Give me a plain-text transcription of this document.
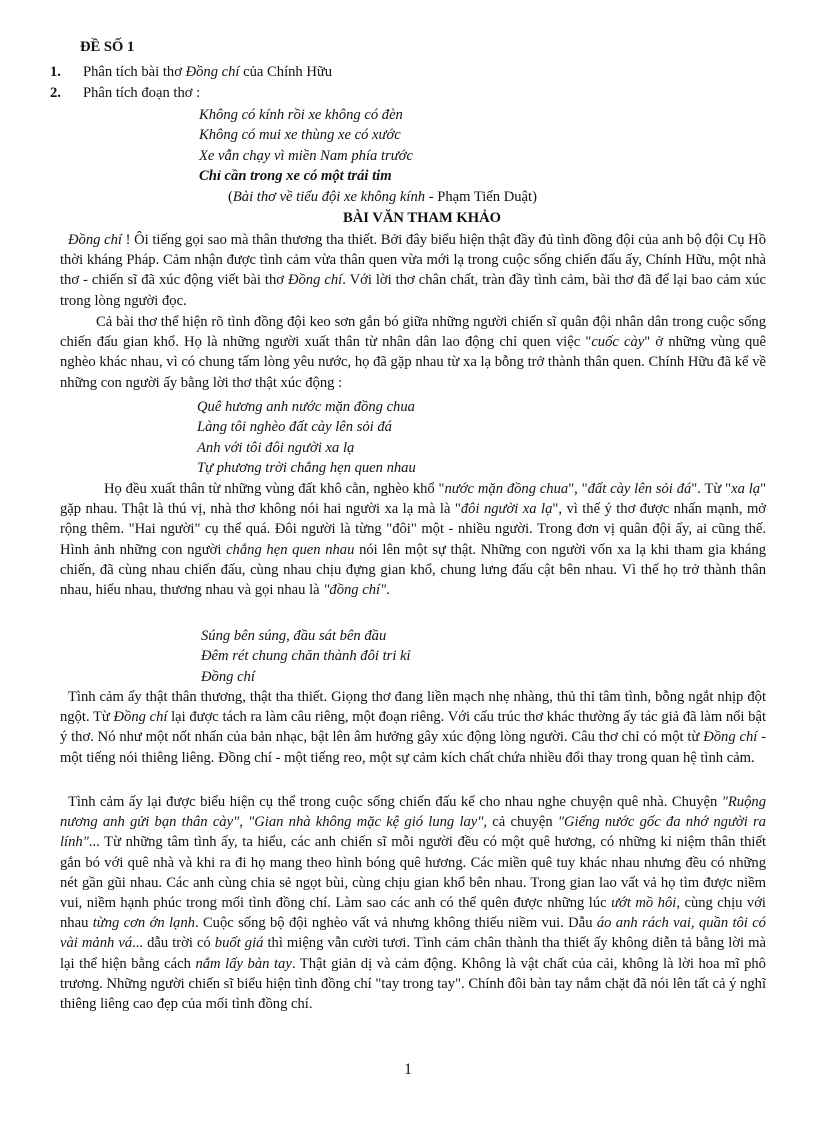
ĐỀ SỐ 1
1. Phân tích bài thơ Đồng chí của Chính Hữu
2. Phân tích đoạn thơ :
Không có kính rồi xe không có đèn
Không có mui xe thùng xe có xước
Xe vẫn chạy vì miền Nam phía trước
Chỉ cần trong xe có một trái tim
(Bài thơ về tiểu đội xe không kính - Phạm Tiến Duật)
BÀI VĂN THAM KHẢO

Đồng chí ! Ôi tiếng gọi sao mà thân thương tha thiết. Bởi đây biểu hiện thật đầy đủ tình đồng đội của anh bộ đội Cụ Hồ thời kháng Pháp. Cảm nhận được tình cảm vừa thân quen vừa mới lạ trong cuộc sống chiến đấu ấy, Chính Hữu, một nhà thơ - chiến sĩ đã xúc động viết bài thơ Đồng chí. Với lời thơ chân chất, tràn đầy tình cảm, bài thơ đã để lại bao cảm xúc trong lòng người đọc.

Cả bài thơ thể hiện rõ tình đồng đội keo sơn gắn bó giữa những người chiến sĩ quân đội nhân dân trong cuộc sống chiến đấu gian khổ. Họ là những người xuất thân từ nhân dân lao động chỉ quen việc "cuốc cày" ở những vùng quê nghèo khác nhau, vì có chung tấm lòng yêu nước, họ đã gặp nhau từ xa lạ bỗng trở thành thân quen. Chính Hữu đã kể về những con người ấy bằng lời thơ thật xúc động :

Quê hương anh nước mặn đồng chua
Làng tôi nghèo đất cày lên sỏi đá
Anh với tôi đôi người xa lạ
Tự phương trời chẳng hẹn quen nhau

Họ đều xuất thân từ những vùng đất khô cằn, nghèo khổ "nước mặn đồng chua", "đất cày lên sỏi đá". Từ "xa lạ" gặp nhau. Thật là thú vị, nhà thơ không nói hai người xa lạ mà là "đôi người xa lạ", vì thế ý thơ được nhấn mạnh, mở rộng thêm. "Hai người" cụ thể quá. Đôi người là từng "đôi" một - nhiều người. Trong đơn vị quân đội ấy, ai cũng thế. Hình ảnh những con người chẳng hẹn quen nhau nói lên một sự thật. Những con người vốn xa lạ khi tham gia kháng chiến, đã cùng nhau chiến đấu, cùng nhau chịu đựng gian khổ, chung lưng đấu cật bên nhau. Vì thế họ trở thành thân nhau, hiểu nhau, thương nhau và gọi nhau là "đồng chí".

Súng bên súng, đầu sát bên đầu
Đêm rét chung chăn thành đôi tri kỉ
Đồng chí

Tình cảm ấy thật thân thương, thật tha thiết. Giọng thơ đang liền mạch nhẹ nhàng, thủ thỉ tâm tình, bỗng ngắt nhịp đột ngột. Từ Đồng chí lại được tách ra làm câu riêng, một đoạn riêng. Với cấu trúc thơ khác thường ấy tác giả đã làm nổi bật ý thơ. Nó như một nốt nhấn của bản nhạc, bật lên âm hưởng gây xúc động lòng người. Câu thơ chỉ có một từ Đồng chí - một tiếng nói thiêng liêng. Đồng chí - một tiếng reo, một sự cảm kích chất chứa nhiều đổi thay trong quan hệ tình cảm.

Tình cảm ấy lại được biểu hiện cụ thể trong cuộc sống chiến đấu kể cho nhau nghe chuyện quê nhà. Chuyện "Ruộng nương anh gửi bạn thân cày", "Gian nhà không mặc kệ gió lung lay", cả chuyện "Giếng nước gốc đa nhớ người ra lính"... Từ những tâm tình ấy, ta hiểu, các anh chiến sĩ mỗi người đều có một quê hương, có những kỉ niệm thân thiết gắn bó với quê nhà và khi ra đi họ mang theo hình bóng quê hương. Các miền quê tuy khác nhau nhưng đều có những nét gần gũi nhau. Các anh cùng chia sẻ ngọt bùi, cùng chịu gian khổ bên nhau. Trong gian lao vất vả họ tìm được niềm vui, niềm hạnh phúc trong mối tình đồng chí. Làm sao các anh có thể quên được những lúc ướt mồ hôi, cùng chịu với nhau từng cơn ớn lạnh. Cuộc sống bộ đội nghèo vất vả nhưng không thiếu niềm vui. Dẫu áo anh rách vai, quần tôi có vài mảnh vá... dẫu trời có buốt giá thì miệng vẫn cười tươi. Tình cảm chân thành tha thiết ấy không diễn tả bằng lời mà lại thể hiện bằng cách nắm lấy bàn tay. Thật giản dị và cảm động. Không là vật chất của cải, không là lời hoa mĩ phô trương. Những người chiến sĩ biểu hiện tình đồng chí "tay trong tay". Chính đôi bàn tay nắm chặt đã nói lên tất cả ý nghĩ thiêng liêng cao đẹp của mối tình đồng chí.

1
